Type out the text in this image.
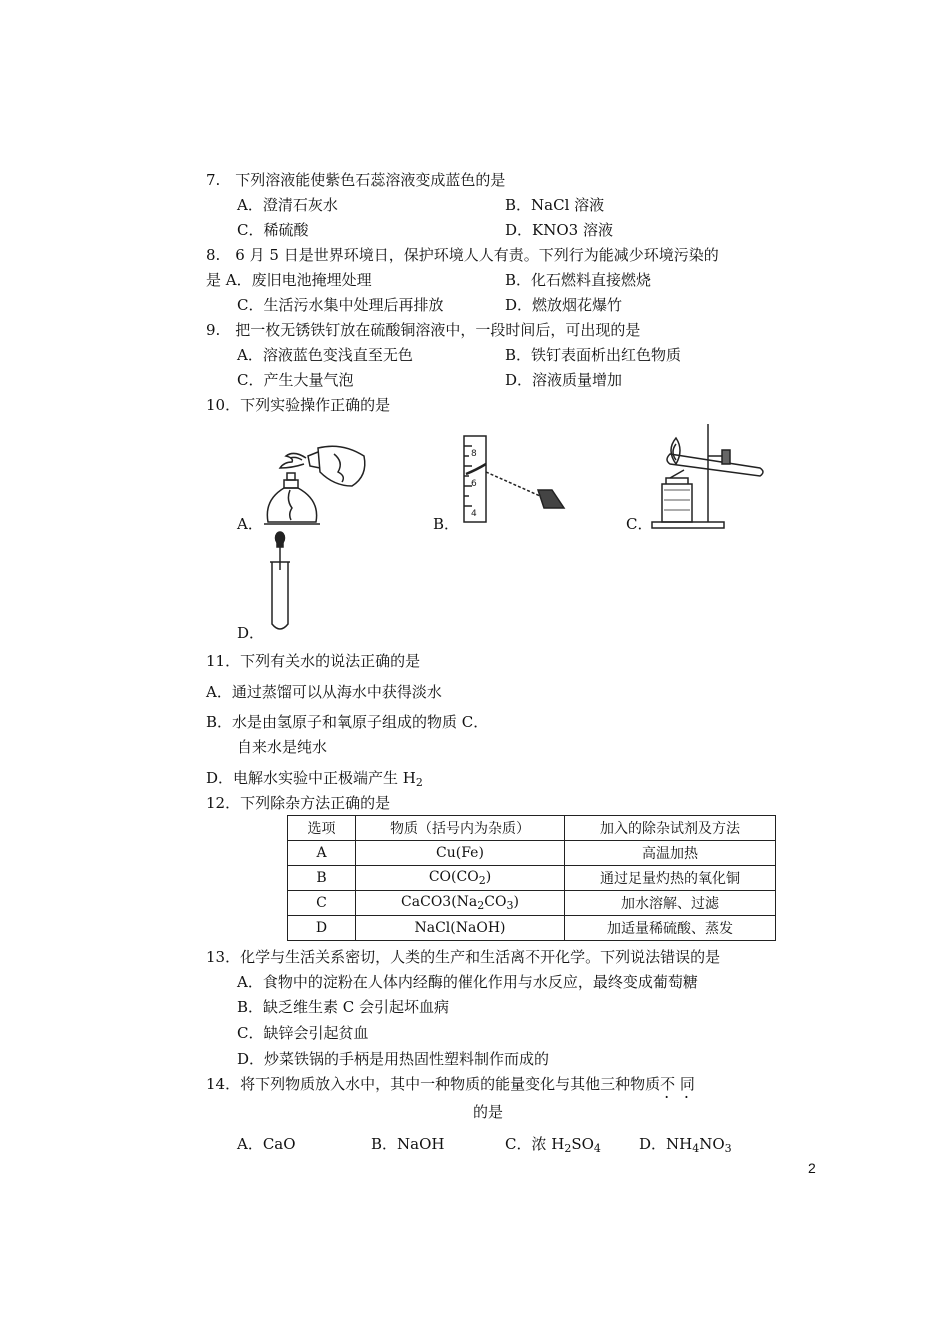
7.　下列溶液能使紫色石蕊溶液变成蓝色的是
A．澄清石灰水	B．NaCl 溶液
C．稀硫酸	D．KNO3 溶液
8.　6 月 5 日是世界环境日，保护环境人人有责。下列行为能减少环境污染的
是 A．废旧电池掩埋处理	B．化石燃料直接燃烧
C．生活污水集中处理后再排放	D．燃放烟花爆竹
9.　把一枚无锈铁钉放在硫酸铜溶液中，一段时间后，可出现的是
A．溶液蓝色变浅直至无色	B．铁钉表面析出红色物质
C．产生大量气泡	D．溶液质量增加
10．下列实验操作正确的是
A．
8
6
4
B．	C．
D．
11．下列有关水的说法正确的是
A．通过蒸馏可以从海水中获得淡水
B．水是由氢原子和氧原子组成的物质 C．
自来水是纯水
D．电解水实验中正极端产生 $H_2$
12．下列除杂方法正确的是
选项	物质（括号内为杂质）	加入的除杂试剂及方法
A	Cu(Fe)	高温加热
B	$CO(CO_2)$	通过足量灼热的氧化铜
C	$CaCO3(Na_2CO_3)$	加水溶解、过滤
D	NaCl(NaOH)	加适量稀硫酸、蒸发
13．化学与生活关系密切，人类的生产和生活离不开化学。下列说法错误的是
A．食物中的淀粉在人体内经酶的催化作用与水反应，最终变成葡萄糖
B．缺乏维生素 C 会引起坏血病
C．缺锌会引起贫血
D．炒菜铁锅的手柄是用热固性塑料制作而成的
14．将下列物质放入水中，其中一种物质的能量变化与其他三种物质不 同
的是
A．CaO	B．NaOH	C．浓 $H_2SO_4$	D．$NH_4NO_3$
2
